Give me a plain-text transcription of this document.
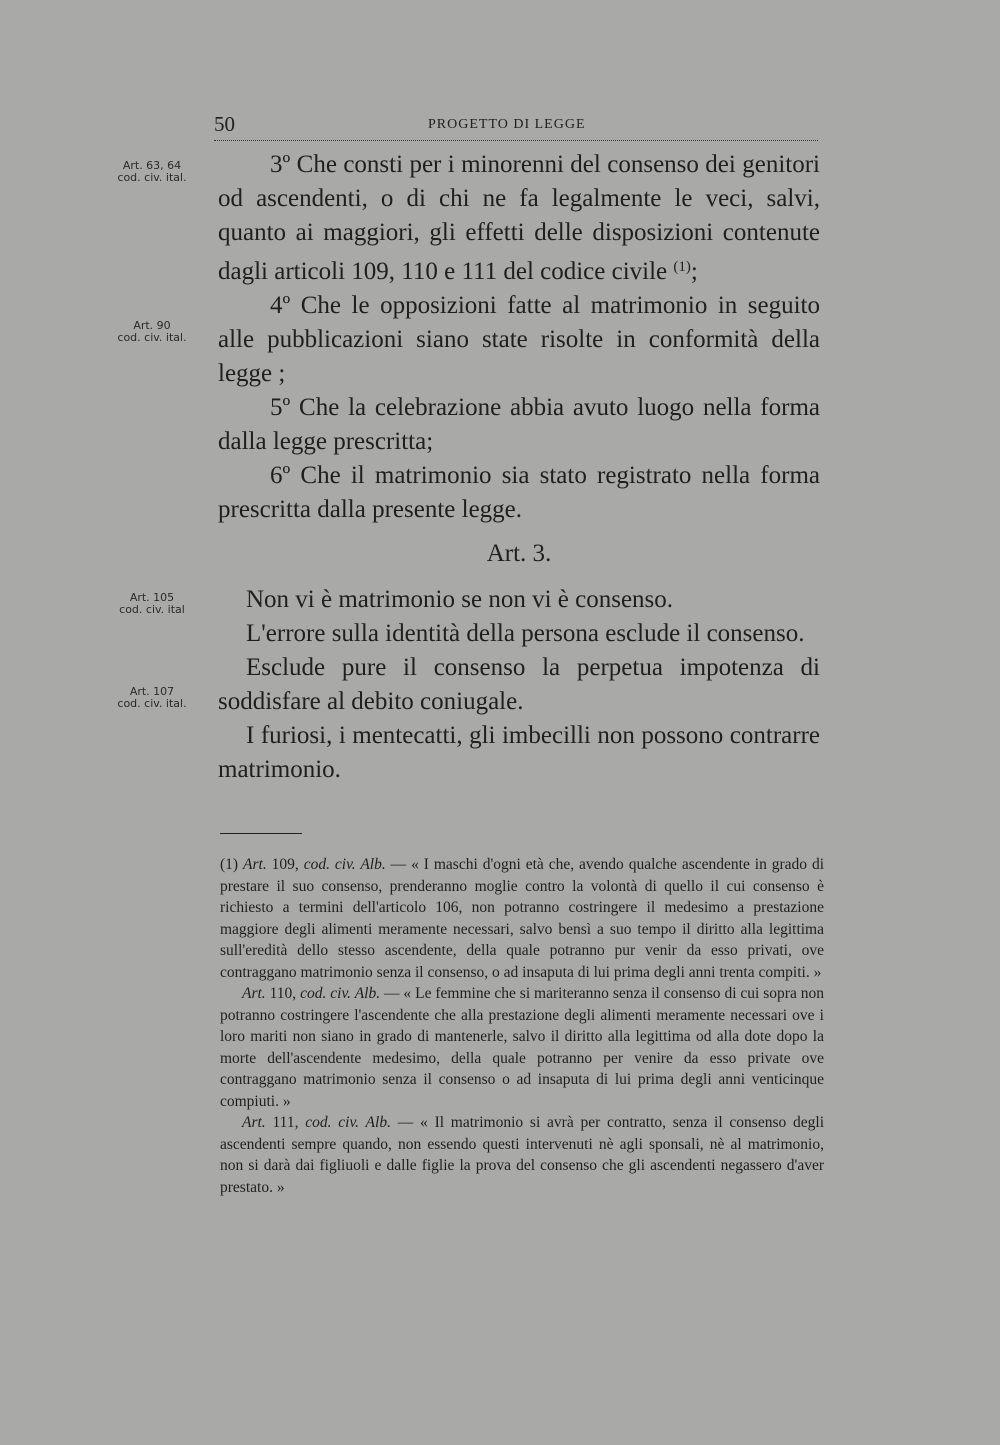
50	PROGETTO DI LEGGE
Art. 63, 64
cod. civ. ital.
Art. 90
cod. civ. ital.
Art. 105
cod. civ. ital
Art. 107
cod. civ. ital.

3º Che consti per i minorenni del consenso dei genitori od ascendenti, o di chi ne fa legalmente le veci, salvi, quanto ai maggiori, gli effetti delle disposizioni contenute dagli articoli 109, 110 e 111 del codice civile $^{(1)}$;

4º Che le opposizioni fatte al matrimonio in seguito alle pubblicazioni siano state risolte in conformità della legge ;

5º Che la celebrazione abbia avuto luogo nella forma dalla legge prescritta;

6º Che il matrimonio sia stato registrato nella forma prescritta dalla presente legge.

Art. 3.

Non vi è matrimonio se non vi è consenso.

L'errore sulla identità della persona esclude il consenso.

Esclude pure il consenso la perpetua impotenza di soddisfare al debito coniugale.

I furiosi, i mentecatti, gli imbecilli non possono contrarre matrimonio.

(1) Art. 109, cod. civ. Alb. — « I maschi d'ogni età che, avendo qualche ascendente in grado di prestare il suo consenso, prenderanno moglie contro la volontà di quello il cui consenso è richiesto a termini dell'articolo 106, non potranno costringere il medesimo a prestazione maggiore degli alimenti meramente necessari, salvo bensì a suo tempo il diritto alla legittima sull'eredità dello stesso ascendente, della quale potranno pur venir da esso privati, ove contraggano matrimonio senza il consenso, o ad insaputa di lui prima degli anni trenta compiti. »

Art. 110, cod. civ. Alb. — « Le femmine che si mariteranno senza il consenso di cui sopra non potranno costringere l'ascendente che alla prestazione degli alimenti meramente necessari ove i loro mariti non siano in grado di mantenerle, salvo il diritto alla legittima od alla dote dopo la morte dell'ascendente medesimo, della quale potranno per venire da esso private ove contraggano matrimonio senza il consenso o ad insaputa di lui prima degli anni venticinque compiuti. »

Art. 111, cod. civ. Alb. — « Il matrimonio si avrà per contratto, senza il consenso degli ascendenti sempre quando, non essendo questi intervenuti nè agli sponsali, nè al matrimonio, non si darà dai figliuoli e dalle figlie la prova del consenso che gli ascendenti negassero d'aver prestato. »
